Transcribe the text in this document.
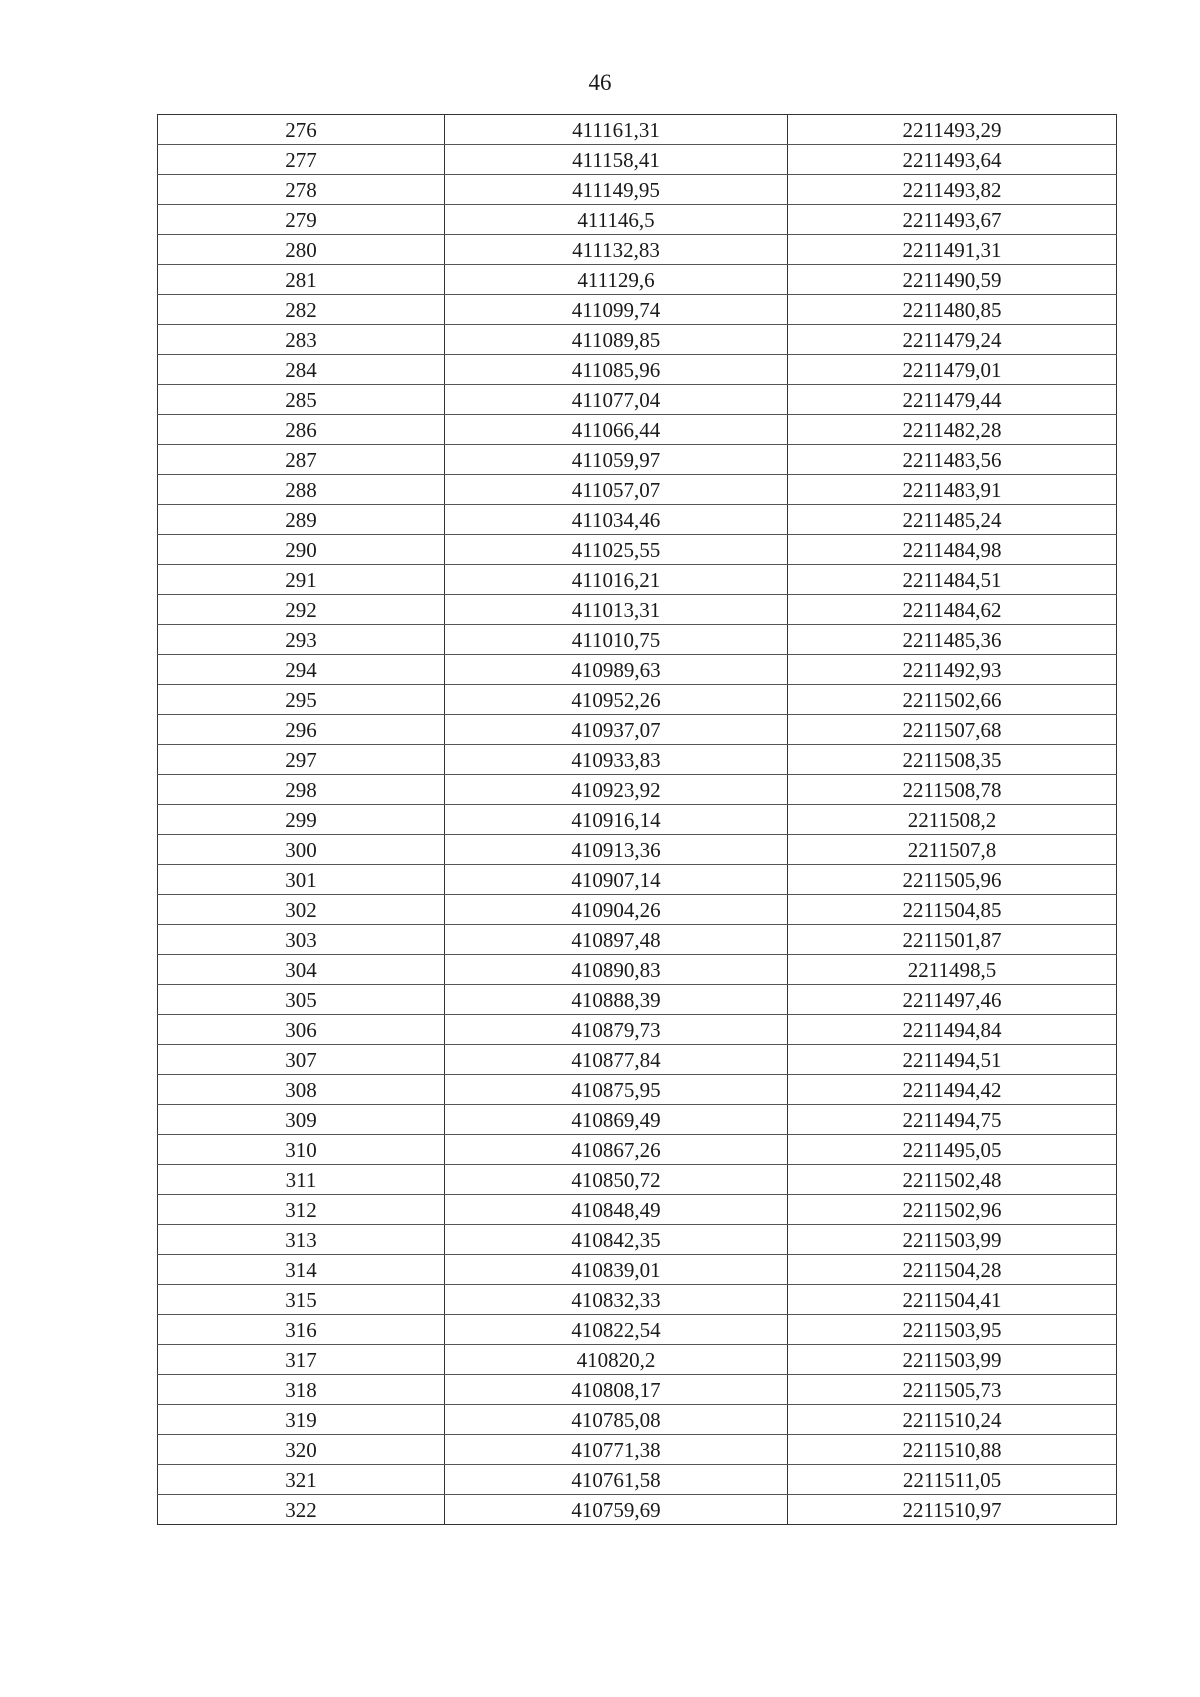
46
276	411161,31	2211493,29
277	411158,41	2211493,64
278	411149,95	2211493,82
279	411146,5	2211493,67
280	411132,83	2211491,31
281	411129,6	2211490,59
282	411099,74	2211480,85
283	411089,85	2211479,24
284	411085,96	2211479,01
285	411077,04	2211479,44
286	411066,44	2211482,28
287	411059,97	2211483,56
288	411057,07	2211483,91
289	411034,46	2211485,24
290	411025,55	2211484,98
291	411016,21	2211484,51
292	411013,31	2211484,62
293	411010,75	2211485,36
294	410989,63	2211492,93
295	410952,26	2211502,66
296	410937,07	2211507,68
297	410933,83	2211508,35
298	410923,92	2211508,78
299	410916,14	2211508,2
300	410913,36	2211507,8
301	410907,14	2211505,96
302	410904,26	2211504,85
303	410897,48	2211501,87
304	410890,83	2211498,5
305	410888,39	2211497,46
306	410879,73	2211494,84
307	410877,84	2211494,51
308	410875,95	2211494,42
309	410869,49	2211494,75
310	410867,26	2211495,05
311	410850,72	2211502,48
312	410848,49	2211502,96
313	410842,35	2211503,99
314	410839,01	2211504,28
315	410832,33	2211504,41
316	410822,54	2211503,95
317	410820,2	2211503,99
318	410808,17	2211505,73
319	410785,08	2211510,24
320	410771,38	2211510,88
321	410761,58	2211511,05
322	410759,69	2211510,97
